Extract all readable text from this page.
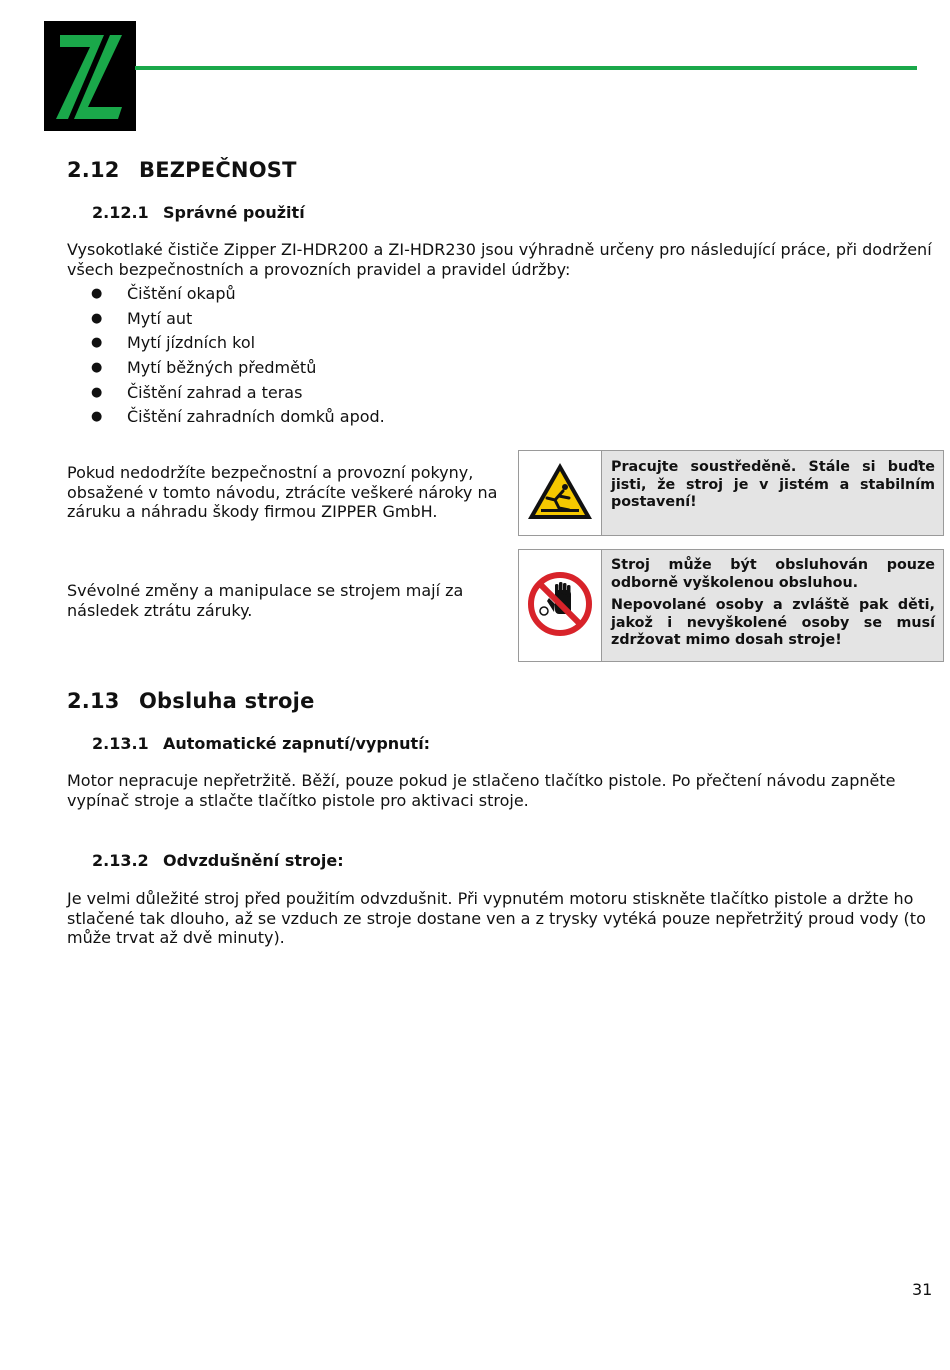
2.12 BEZPEČNOST
2.12.1 Správné použití

Vysokotlaké čističe Zipper ZI-HDR200 a ZI-HDR230 jsou výhradně určeny pro následující práce, při dodržení všech bezpečnostních a provozních pravidel a pravidel údržby:

● Čištění okapů
● Mytí aut
● Mytí jízdních kol
● Mytí běžných předmětů
● Čištění zahrad a teras
● Čištění zahradních domků apod.

Pokud nedodržíte bezpečnostní a provozní pokyny, obsažené v tomto návodu, ztrácíte veškeré nároky na záruku a náhradu škody firmou ZIPPER GmbH.

Svévolné změny a manipulace se strojem mají za následek ztrátu záruky.

Pracujte soustředěně. Stále si buďte jisti, že stroj je v jistém a stabilním postavení!

Stroj může být obsluhován pouze odborně vyškolenou obsluhou.

Nepovolané osoby a zvláště pak děti, jakož i nevyškolené osoby se musí zdržovat mimo dosah stroje!

2.13 Obsluha stroje
2.13.1 Automatické zapnutí/vypnutí:

Motor nepracuje nepřetržitě. Běží, pouze pokud je stlačeno tlačítko pistole. Po přečtení návodu zapněte vypínač stroje a stlačte tlačítko pistole pro aktivaci stroje.

2.13.2 Odvzdušnění stroje:

Je velmi důležité stroj před použitím odvzdušnit. Při vypnutém motoru stiskněte tlačítko pistole a držte ho stlačené tak dlouho, až se vzduch ze stroje dostane ven a z trysky vytéká pouze nepřetržitý proud vody (to může trvat až dvě minuty).

31
